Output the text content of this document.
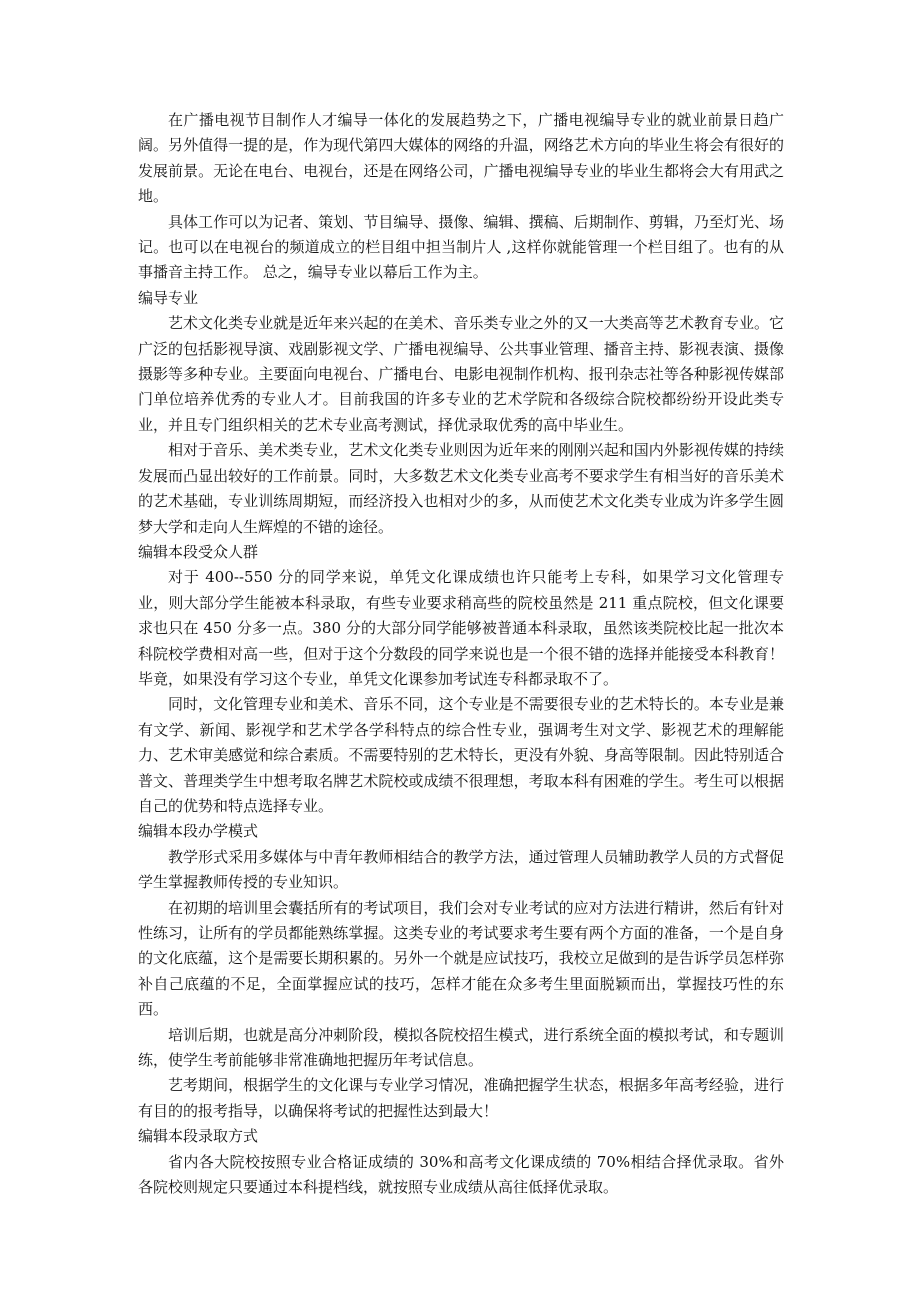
在广播电视节目制作人才编导一体化的发展趋势之下，广播电视编导专业的就业前景日趋广阔。另外值得一提的是，作为现代第四大媒体的网络的升温，网络艺术方向的毕业生将会有很好的发展前景。无论在电台、电视台，还是在网络公司，广播电视编导专业的毕业生都将会大有用武之地。

具体工作可以为记者、策划、节目编导、摄像、编辑、撰稿、后期制作、剪辑，乃至灯光、场记。也可以在电视台的频道成立的栏目组中担当制片人 ,这样你就能管理一个栏目组了。也有的从事播音主持工作。 总之，编导专业以幕后工作为主。

编导专业

艺术文化类专业就是近年来兴起的在美术、音乐类专业之外的又一大类高等艺术教育专业。它广泛的包括影视导演、戏剧影视文学、广播电视编导、公共事业管理、播音主持、影视表演、摄像摄影等多种专业。主要面向电视台、广播电台、电影电视制作机构、报刊杂志社等各种影视传媒部门单位培养优秀的专业人才。目前我国的许多专业的艺术学院和各级综合院校都纷纷开设此类专业，并且专门组织相关的艺术专业高考测试，择优录取优秀的高中毕业生。

相对于音乐、美术类专业，艺术文化类专业则因为近年来的刚刚兴起和国内外影视传媒的持续发展而凸显出较好的工作前景。同时，大多数艺术文化类专业高考不要求学生有相当好的音乐美术的艺术基础，专业训练周期短，而经济投入也相对少的多，从而使艺术文化类专业成为许多学生圆梦大学和走向人生辉煌的不错的途径。

编辑本段受众人群

对于 400--550 分的同学来说，单凭文化课成绩也许只能考上专科，如果学习文化管理专业，则大部分学生能被本科录取，有些专业要求稍高些的院校虽然是 211 重点院校，但文化课要求也只在 450 分多一点。380 分的大部分同学能够被普通本科录取，虽然该类院校比起一批次本科院校学费相对高一些，但对于这个分数段的同学来说也是一个很不错的选择并能接受本科教育！毕竟，如果没有学习这个专业，单凭文化课参加考试连专科都录取不了。

同时，文化管理专业和美术、音乐不同，这个专业是不需要很专业的艺术特长的。本专业是兼有文学、新闻、影视学和艺术学各学科特点的综合性专业，强调考生对文学、影视艺术的理解能力、艺术审美感觉和综合素质。不需要特别的艺术特长，更没有外貌、身高等限制。因此特别适合普文、普理类学生中想考取名牌艺术院校或成绩不很理想，考取本科有困难的学生。考生可以根据自己的优势和特点选择专业。

编辑本段办学模式

教学形式采用多媒体与中青年教师相结合的教学方法，通过管理人员辅助教学人员的方式督促学生掌握教师传授的专业知识。

在初期的培训里会囊括所有的考试项目，我们会对专业考试的应对方法进行精讲，然后有针对性练习，让所有的学员都能熟练掌握。这类专业的考试要求考生要有两个方面的准备，一个是自身的文化底蕴，这个是需要长期积累的。另外一个就是应试技巧，我校立足做到的是告诉学员怎样弥补自己底蕴的不足，全面掌握应试的技巧，怎样才能在众多考生里面脱颖而出，掌握技巧性的东西。

培训后期，也就是高分冲刺阶段，模拟各院校招生模式，进行系统全面的模拟考试，和专题训练，使学生考前能够非常准确地把握历年考试信息。

艺考期间，根据学生的文化课与专业学习情况，准确把握学生状态，根据多年高考经验，进行有目的的报考指导，以确保将考试的把握性达到最大！

编辑本段录取方式

省内各大院校按照专业合格证成绩的 30%和高考文化课成绩的 70%相结合择优录取。省外各院校则规定只要通过本科提档线，就按照专业成绩从高往低择优录取。
